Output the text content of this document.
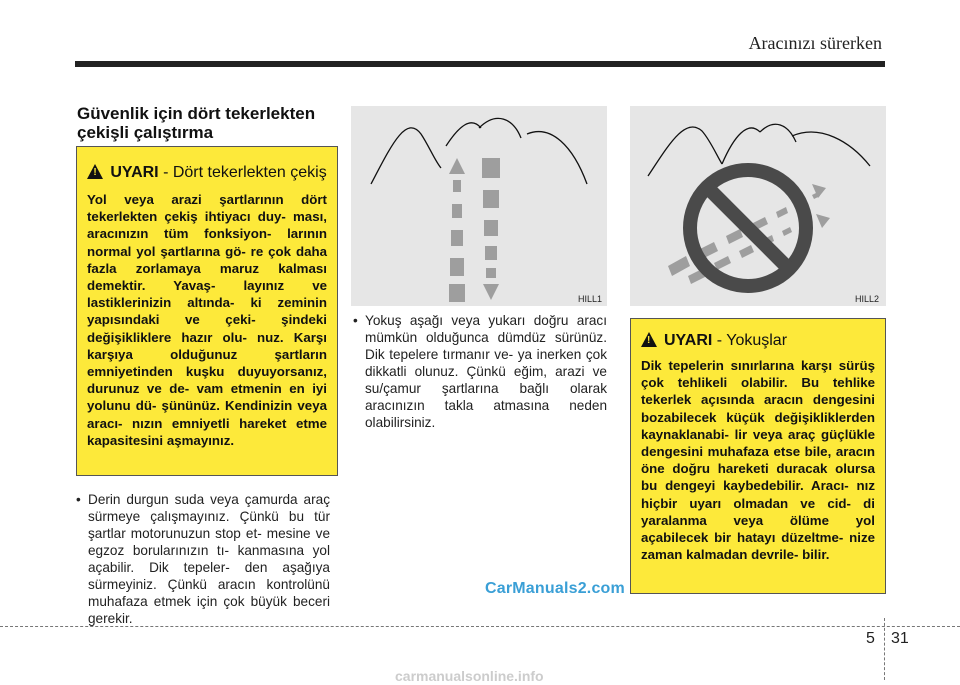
Aracınızı sürerken
Güvenlik için dört tekerlekten çekişli çalıştırma
! UYARI - Dört tekerlekten çekiş
Yol veya arazi şartlarının dört tekerlekten çekiş ihtiyacı duy- ması, aracınızın tüm fonksiyon- larının normal yol şartlarına gö- re çok daha fazla zorlamaya maruz kalması demektir. Yavaş- layınız ve lastiklerinizin altında- ki zeminin yapısındaki ve çeki- şindeki değişikliklere hazır olu- nuz. Karşı karşıya olduğunuz şartların emniyetinden kuşku duyuyorsanız, durunuz ve de- vam etmenin en iyi yolunu dü- şününüz. Kendinizin veya aracı- nızın emniyetli hareket etme kapasitesini aşmayınız.
• Derin durgun suda veya çamurda araç sürmeye çalışmayınız. Çünkü bu tür şartlar motorunuzun stop et- mesine ve egzoz borularınızın tı- kanmasına yol açabilir. Dik tepeler- den aşağıya sürmeyiniz. Çünkü aracın kontrolünü muhafaza etmek için çok büyük beceri gerekir.
HILL1	HILL2
• Yokuş aşağı veya yukarı doğru aracı mümkün olduğunca dümdüz sürünüz. Dik tepelere tırmanır ve- ya inerken çok dikkatli olunuz. Çünkü eğim, arazi ve su/çamur şartlarına bağlı olarak aracınızın takla atmasına neden olabilirsiniz.
! UYARI - Yokuşlar
Dik tepelerin sınırlarına karşı sürüş çok tehlikeli olabilir. Bu tehlike tekerlek açısında aracın dengesini bozabilecek küçük değişikliklerden kaynaklanabi- lir veya araç güçlükle dengesini muhafaza etse bile, aracın öne doğru hareketi duracak olursa bu dengeyi kaybedebilir. Aracı- nız hiçbir uyarı olmadan ve cid- di yaralanma veya ölüme yol açabilecek bir hatayı düzeltme- nize zaman kalmadan devrile- bilir.
CarManuals2.com
5 31
carmanualsonline.info
